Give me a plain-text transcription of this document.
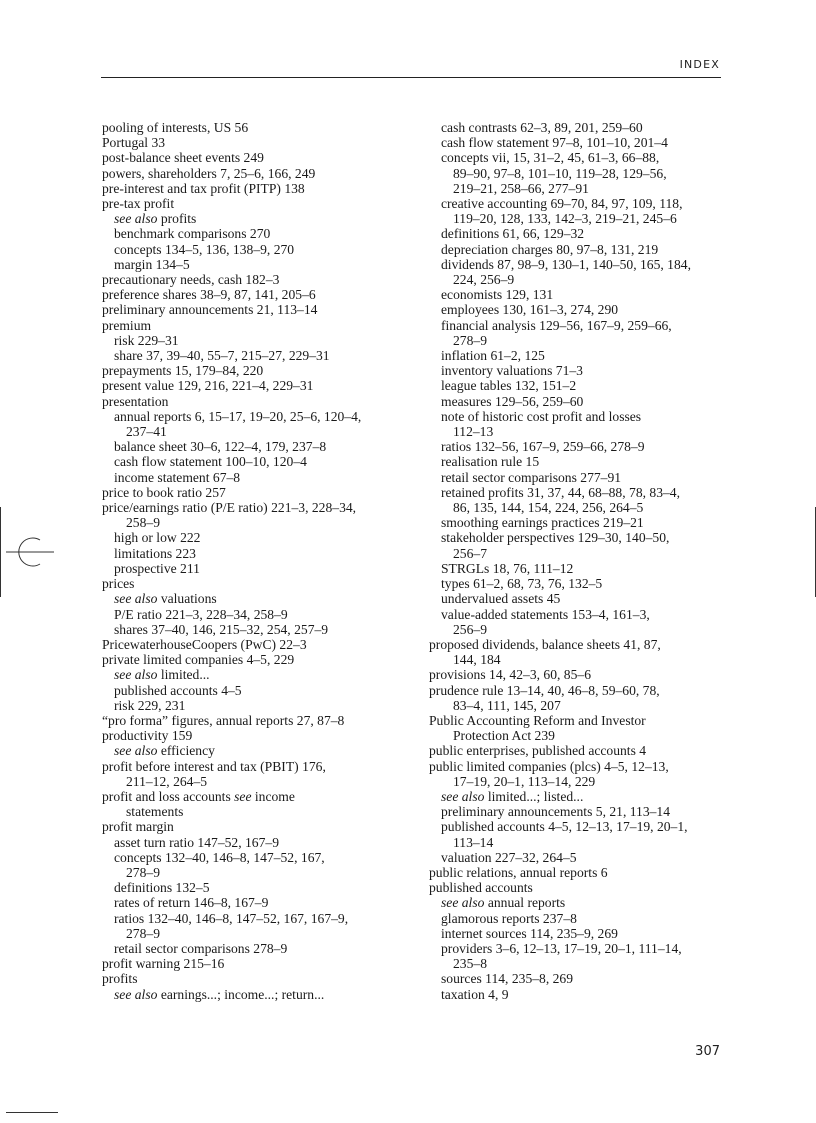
INDEX
pooling of interests, US 56
Portugal 33
post-balance sheet events 249
powers, shareholders 7, 25–6, 166, 249
pre-interest and tax profit (PITP) 138
pre-tax profit
see also profits
benchmark comparisons 270
concepts 134–5, 136, 138–9, 270
margin 134–5
precautionary needs, cash 182–3
preference shares 38–9, 87, 141, 205–6
preliminary announcements 21, 113–14
premium
risk 229–31
share 37, 39–40, 55–7, 215–27, 229–31
prepayments 15, 179–84, 220
present value 129, 216, 221–4, 229–31
presentation
annual reports 6, 15–17, 19–20, 25–6, 120–4,
237–41
balance sheet 30–6, 122–4, 179, 237–8
cash flow statement 100–10, 120–4
income statement 67–8
price to book ratio 257
price/earnings ratio (P/E ratio) 221–3, 228–34,
258–9
high or low 222
limitations 223
prospective 211
prices
see also valuations
P/E ratio 221–3, 228–34, 258–9
shares 37–40, 146, 215–32, 254, 257–9
PricewaterhouseCoopers (PwC) 22–3
private limited companies 4–5, 229
see also limited...
published accounts 4–5
risk 229, 231
“pro forma” figures, annual reports 27, 87–8
productivity 159
see also efficiency
profit before interest and tax (PBIT) 176,
211–12, 264–5
profit and loss accounts see income
statements
profit margin
asset turn ratio 147–52, 167–9
concepts 132–40, 146–8, 147–52, 167,
278–9
definitions 132–5
rates of return 146–8, 167–9
ratios 132–40, 146–8, 147–52, 167, 167–9,
278–9
retail sector comparisons 278–9
profit warning 215–16
profits
see also earnings...; income...; return...
cash contrasts 62–3, 89, 201, 259–60
cash flow statement 97–8, 101–10, 201–4
concepts vii, 15, 31–2, 45, 61–3, 66–88,
89–90, 97–8, 101–10, 119–28, 129–56,
219–21, 258–66, 277–91
creative accounting 69–70, 84, 97, 109, 118,
119–20, 128, 133, 142–3, 219–21, 245–6
definitions 61, 66, 129–32
depreciation charges 80, 97–8, 131, 219
dividends 87, 98–9, 130–1, 140–50, 165, 184,
224, 256–9
economists 129, 131
employees 130, 161–3, 274, 290
financial analysis 129–56, 167–9, 259–66,
278–9
inflation 61–2, 125
inventory valuations 71–3
league tables 132, 151–2
measures 129–56, 259–60
note of historic cost profit and losses
112–13
ratios 132–56, 167–9, 259–66, 278–9
realisation rule 15
retail sector comparisons 277–91
retained profits 31, 37, 44, 68–88, 78, 83–4,
86, 135, 144, 154, 224, 256, 264–5
smoothing earnings practices 219–21
stakeholder perspectives 129–30, 140–50,
256–7
STRGLs 18, 76, 111–12
types 61–2, 68, 73, 76, 132–5
undervalued assets 45
value-added statements 153–4, 161–3,
256–9
proposed dividends, balance sheets 41, 87,
144, 184
provisions 14, 42–3, 60, 85–6
prudence rule 13–14, 40, 46–8, 59–60, 78,
83–4, 111, 145, 207
Public Accounting Reform and Investor
Protection Act 239
public enterprises, published accounts 4
public limited companies (plcs) 4–5, 12–13,
17–19, 20–1, 113–14, 229
see also limited...; listed...
preliminary announcements 5, 21, 113–14
published accounts 4–5, 12–13, 17–19, 20–1,
113–14
valuation 227–32, 264–5
public relations, annual reports 6
published accounts
see also annual reports
glamorous reports 237–8
internet sources 114, 235–9, 269
providers 3–6, 12–13, 17–19, 20–1, 111–14,
235–8
sources 114, 235–8, 269
taxation 4, 9
307
